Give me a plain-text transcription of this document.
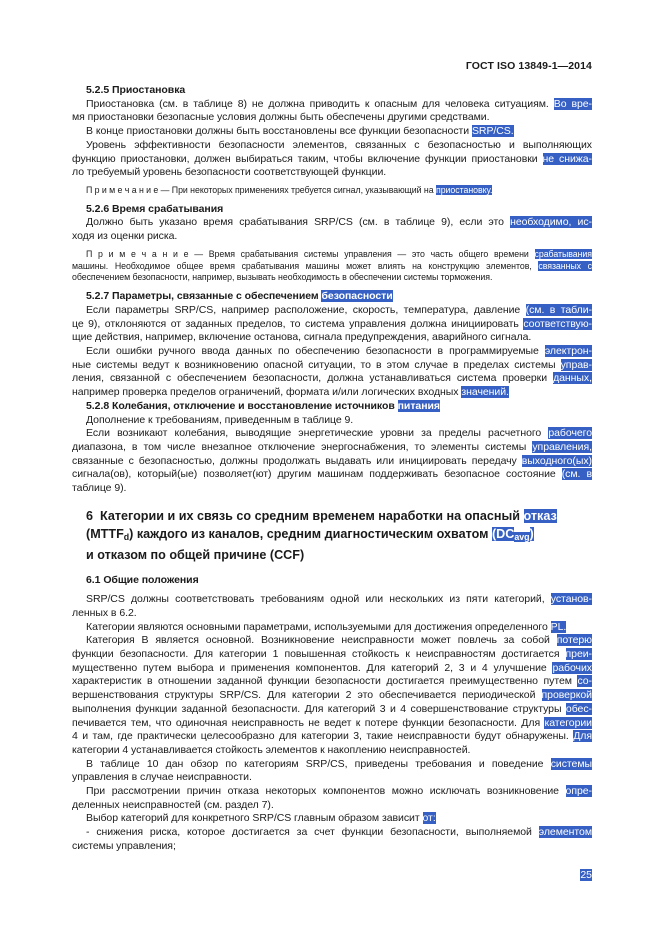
ГОСТ ISO 13849-1—2014
5.2.5 Приостановка
Приостановка (см. в таблице 8) не должна приводить к опасным для человека ситуациям. Во вре-
мя приостановки безопасные условия должны быть обеспечены другими средствами.
В конце приостановки должны быть восстановлены все функции безопасности SRP/CS.
Уровень эффективности безопасности элементов, связанных с безопасностью и выполняющих
функцию приостановки, должен выбираться таким, чтобы включение функции приостановки не снижа-
ло требуемый уровень безопасности соответствующей функции.
П р и м е ч а н и е — При некоторых применениях требуется сигнал, указывающий на приостановку.
5.2.6 Время срабатывания
Должно быть указано время срабатывания SRP/CS (см. в таблице 9), если это необходимо, ис-
ходя из оценки риска.
П р и м е ч а н и е — Время срабатывания системы управления — это часть общего времени срабатывания
машины. Необходимое общее время срабатывания машины может влиять на конструкцию элементов, связанных с
обеспечением безопасности, например, вызывать необходимость в обеспечении системы торможения.
5.2.7 Параметры, связанные с обеспечением безопасности
Если параметры SRP/CS, например расположение, скорость, температура, давление (см. в табли-
це 9), отклоняются от заданных пределов, то система управления должна инициировать соответствую-
щие действия, например, включение останова, сигнала предупреждения, аварийного сигнала.
Если ошибки ручного ввода данных по обеспечению безопасности в программируемые электрон-
ные системы ведут к возникновению опасной ситуации, то в этом случае в пределах системы управ-
ления, связанной с обеспечением безопасности, должна устанавливаться система проверки данных,
например проверка пределов ограничений, формата и/или логических входных значений.
5.2.8 Колебания, отключение и восстановление источников питания
Дополнение к требованиям, приведенным в таблице 9.
Если возникают колебания, выводящие энергетические уровни за пределы расчетного рабочего
диапазона, в том числе внезапное отключение энергоснабжения, то элементы системы управления,
связанные с безопасностью, должны продолжать выдавать или инициировать передачу выходного(ых)
сигнала(ов), который(ые) позволяет(ют) другим машинам поддерживать безопасное состояние (см. в
таблице 9).
6  Категории и их связь со средним временем наработки на опасный отказ
(MTTFd) каждого из каналов, средним диагностическим охватом (DCavg)
и отказом по общей причине (CCF)
6.1 Общие положения
SRP/CS должны соответствовать требованиям одной или нескольких из пяти категорий, установ-
ленных в 6.2.
Категории являются основными параметрами, используемыми для достижения определенного PL.
Категория В является основной. Возникновение неисправности может повлечь за собой потерю
функции безопасности. Для категории 1 повышенная стойкость к неисправностям достигается преи-
мущественно путем выбора и применения компонентов. Для категорий 2, 3 и 4 улучшение рабочих
характеристик в отношении заданной функции безопасности достигается преимущественно путем со-
вершенствования структуры SRP/CS. Для категории 2 это обеспечивается периодической проверкой
выполнения функции заданной безопасности. Для категорий 3 и 4 совершенствование структуры обес-
печивается тем, что одиночная неисправность не ведет к потере функции безопасности. Для категории
4 и там, где практически целесообразно для категории 3, такие неисправности будут обнаружены. Для
категории 4 устанавливается стойкость элементов к накоплению неисправностей.
В таблице 10 дан обзор по категориям SRP/CS, приведены требования и поведение системы
управления в случае неисправности.
При рассмотрении причин отказа некоторых компонентов можно исключать возникновение опре-
деленных неисправностей (см. раздел 7).
Выбор категорий для конкретного SRP/CS главным образом зависит от:
- снижения риска, которое достигается за счет функции безопасности, выполняемой элементом
системы управления;
25
